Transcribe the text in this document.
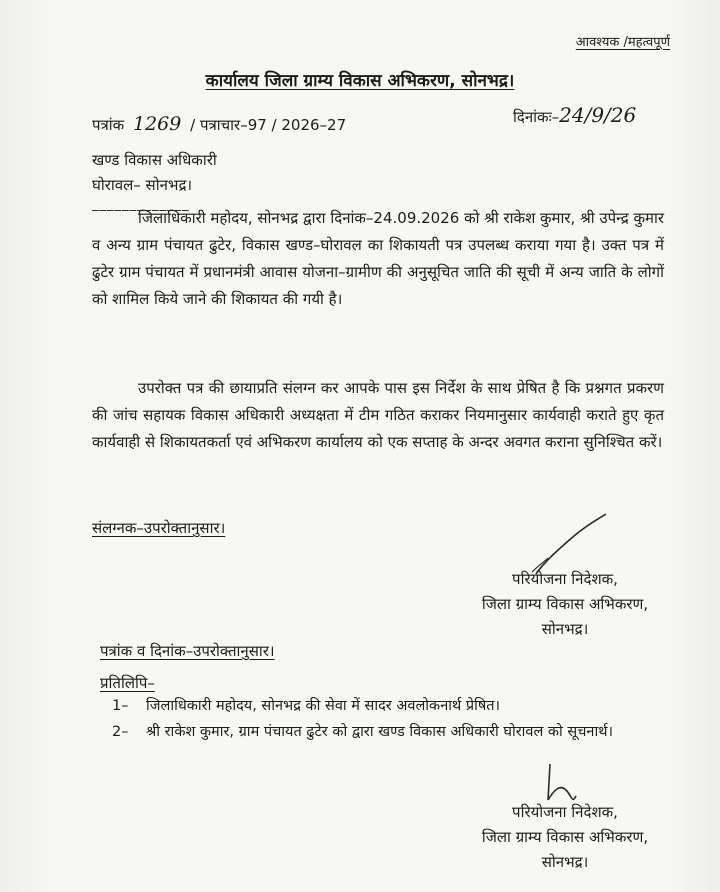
आवश्यक /महत्वपूर्ण
कार्यालय जिला ग्राम्य विकास अभिकरण, सोनभद्र।
पत्रांक 1269 / पत्राचार–97 / 2026–27	दिनांकः–24/9/26
खण्ड विकास अधिकारी
घोरावल– सोनभद्र।
_____________
जिलाधिकारी महोदय, सोनभद्र द्वारा दिनांक–24.09.2026 को श्री राकेश कुमार, श्री उपेन्द्र कुमार व अन्य ग्राम पंचायत ढुटेर, विकास खण्ड–घोरावल का शिकायती पत्र उपलब्ध कराया गया है। उक्त पत्र में ढुटेर ग्राम पंचायत में प्रधानमंत्री आवास योजना–ग्रामीण की अनुसूचित जाति की सूची में अन्य जाति के लोगों को शामिल किये जाने की शिकायत की गयी है।
उपरोक्त पत्र की छायाप्रति संलग्न कर आपके पास इस निर्देश के साथ प्रेषित है कि प्रश्नगत प्रकरण की जांच सहायक विकास अधिकारी अध्यक्षता में टीम गठित कराकर नियमानुसार कार्यवाही कराते हुए कृत कार्यवाही से शिकायतकर्ता एवं अभिकरण कार्यालय को एक सप्ताह के अन्दर अवगत कराना सुनिश्चित करें।
संलग्नक–उपरोक्तानुसार।
परियोजना निदेशक,
जिला ग्राम्य विकास अभिकरण,
सोनभद्र।
पत्रांक व दिनांक–उपरोक्तानुसार।
प्रतिलिपि–
1–	जिलाधिकारी महोदय, सोनभद्र की सेवा में सादर अवलोकनार्थ प्रेषित।
2–	श्री राकेश कुमार, ग्राम पंचायत ढुटेर को द्वारा खण्ड विकास अधिकारी घोरावल को सूचनार्थ।
परियोजना निदेशक,
जिला ग्राम्य विकास अभिकरण,
सोनभद्र।
